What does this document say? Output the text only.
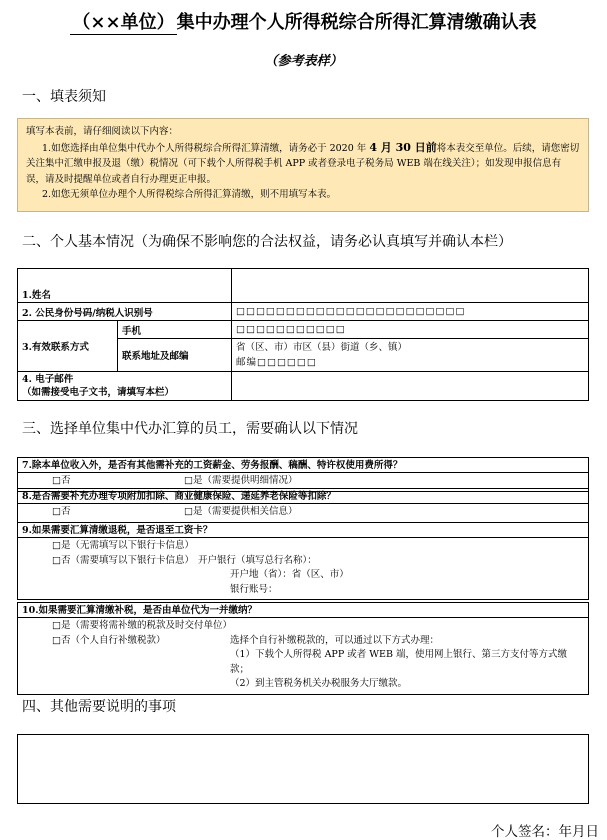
（××单位） 集中办理个人所得税综合所得汇算清缴确认表
（参考表样）
一、填表须知

填写本表前，请仔细阅读以下内容：

1.如您选择由单位集中代办个人所得税综合所得汇算清缴，请务必于 2020 年 4 月 30 日前将本表交至单位。后续，请您密切关注集中汇缴申报及退（缴）税情况（可下载个人所得税手机 APP 或者登录电子税务局 WEB 端在线关注）；如发现申报信息有误，请及时提醒单位或者自行办理更正申报。

2.如您无须单位办理个人所得税综合所得汇算清缴，则不用填写本表。

二、个人基本情况（为确保不影响您的合法权益，请务必认真填写并确认本栏）
1.姓名		
2. 公民身份号码/纳税人识别号		□□□□□□□□□□□□□□□□□□□□□□□
3.有效联系方式	手机	□□□□□□□□□□□
	联系地址及邮编	省（区、市）市区（县）街道（乡、镇）
邮编□□□□□□

4. 电子邮件
（如需接受电子文书，请填写本栏）		

三、选择单位集中代办汇算的员工，需要确认以下情况
7.除本单位收入外，是否有其他需补充的工资薪金、劳务报酬、稿酬、特许权使用费所得？
□否	□是（需要提供明细情况）
8.是否需要补充办理专项附加扣除、商业健康保险、递延养老保险等扣除？
□否	□是（需要提供相关信息）
9.如果需要汇算清缴退税，是否退至工资卡？
□是（无需填写以下银行卡信息）
□否（需要填写以下银行卡信息） 开户银行（填写总行名称）：
开户地（省）：省（区、市）
银行账号：
10.如果需要汇算清缴补税，是否由单位代为一并缴纳？
□是（需要将需补缴的税款及时交付单位）
□否（个人自行补缴税款）	选择个自行补缴税款的，可以通过以下方式办理：
（1）下载个人所得税 APP 或者 WEB 端，使用网上银行、第三方支付等方式缴款；
（2）到主管税务机关办税服务大厅缴款。
四、其他需要说明的事项
个人签名：年月日
